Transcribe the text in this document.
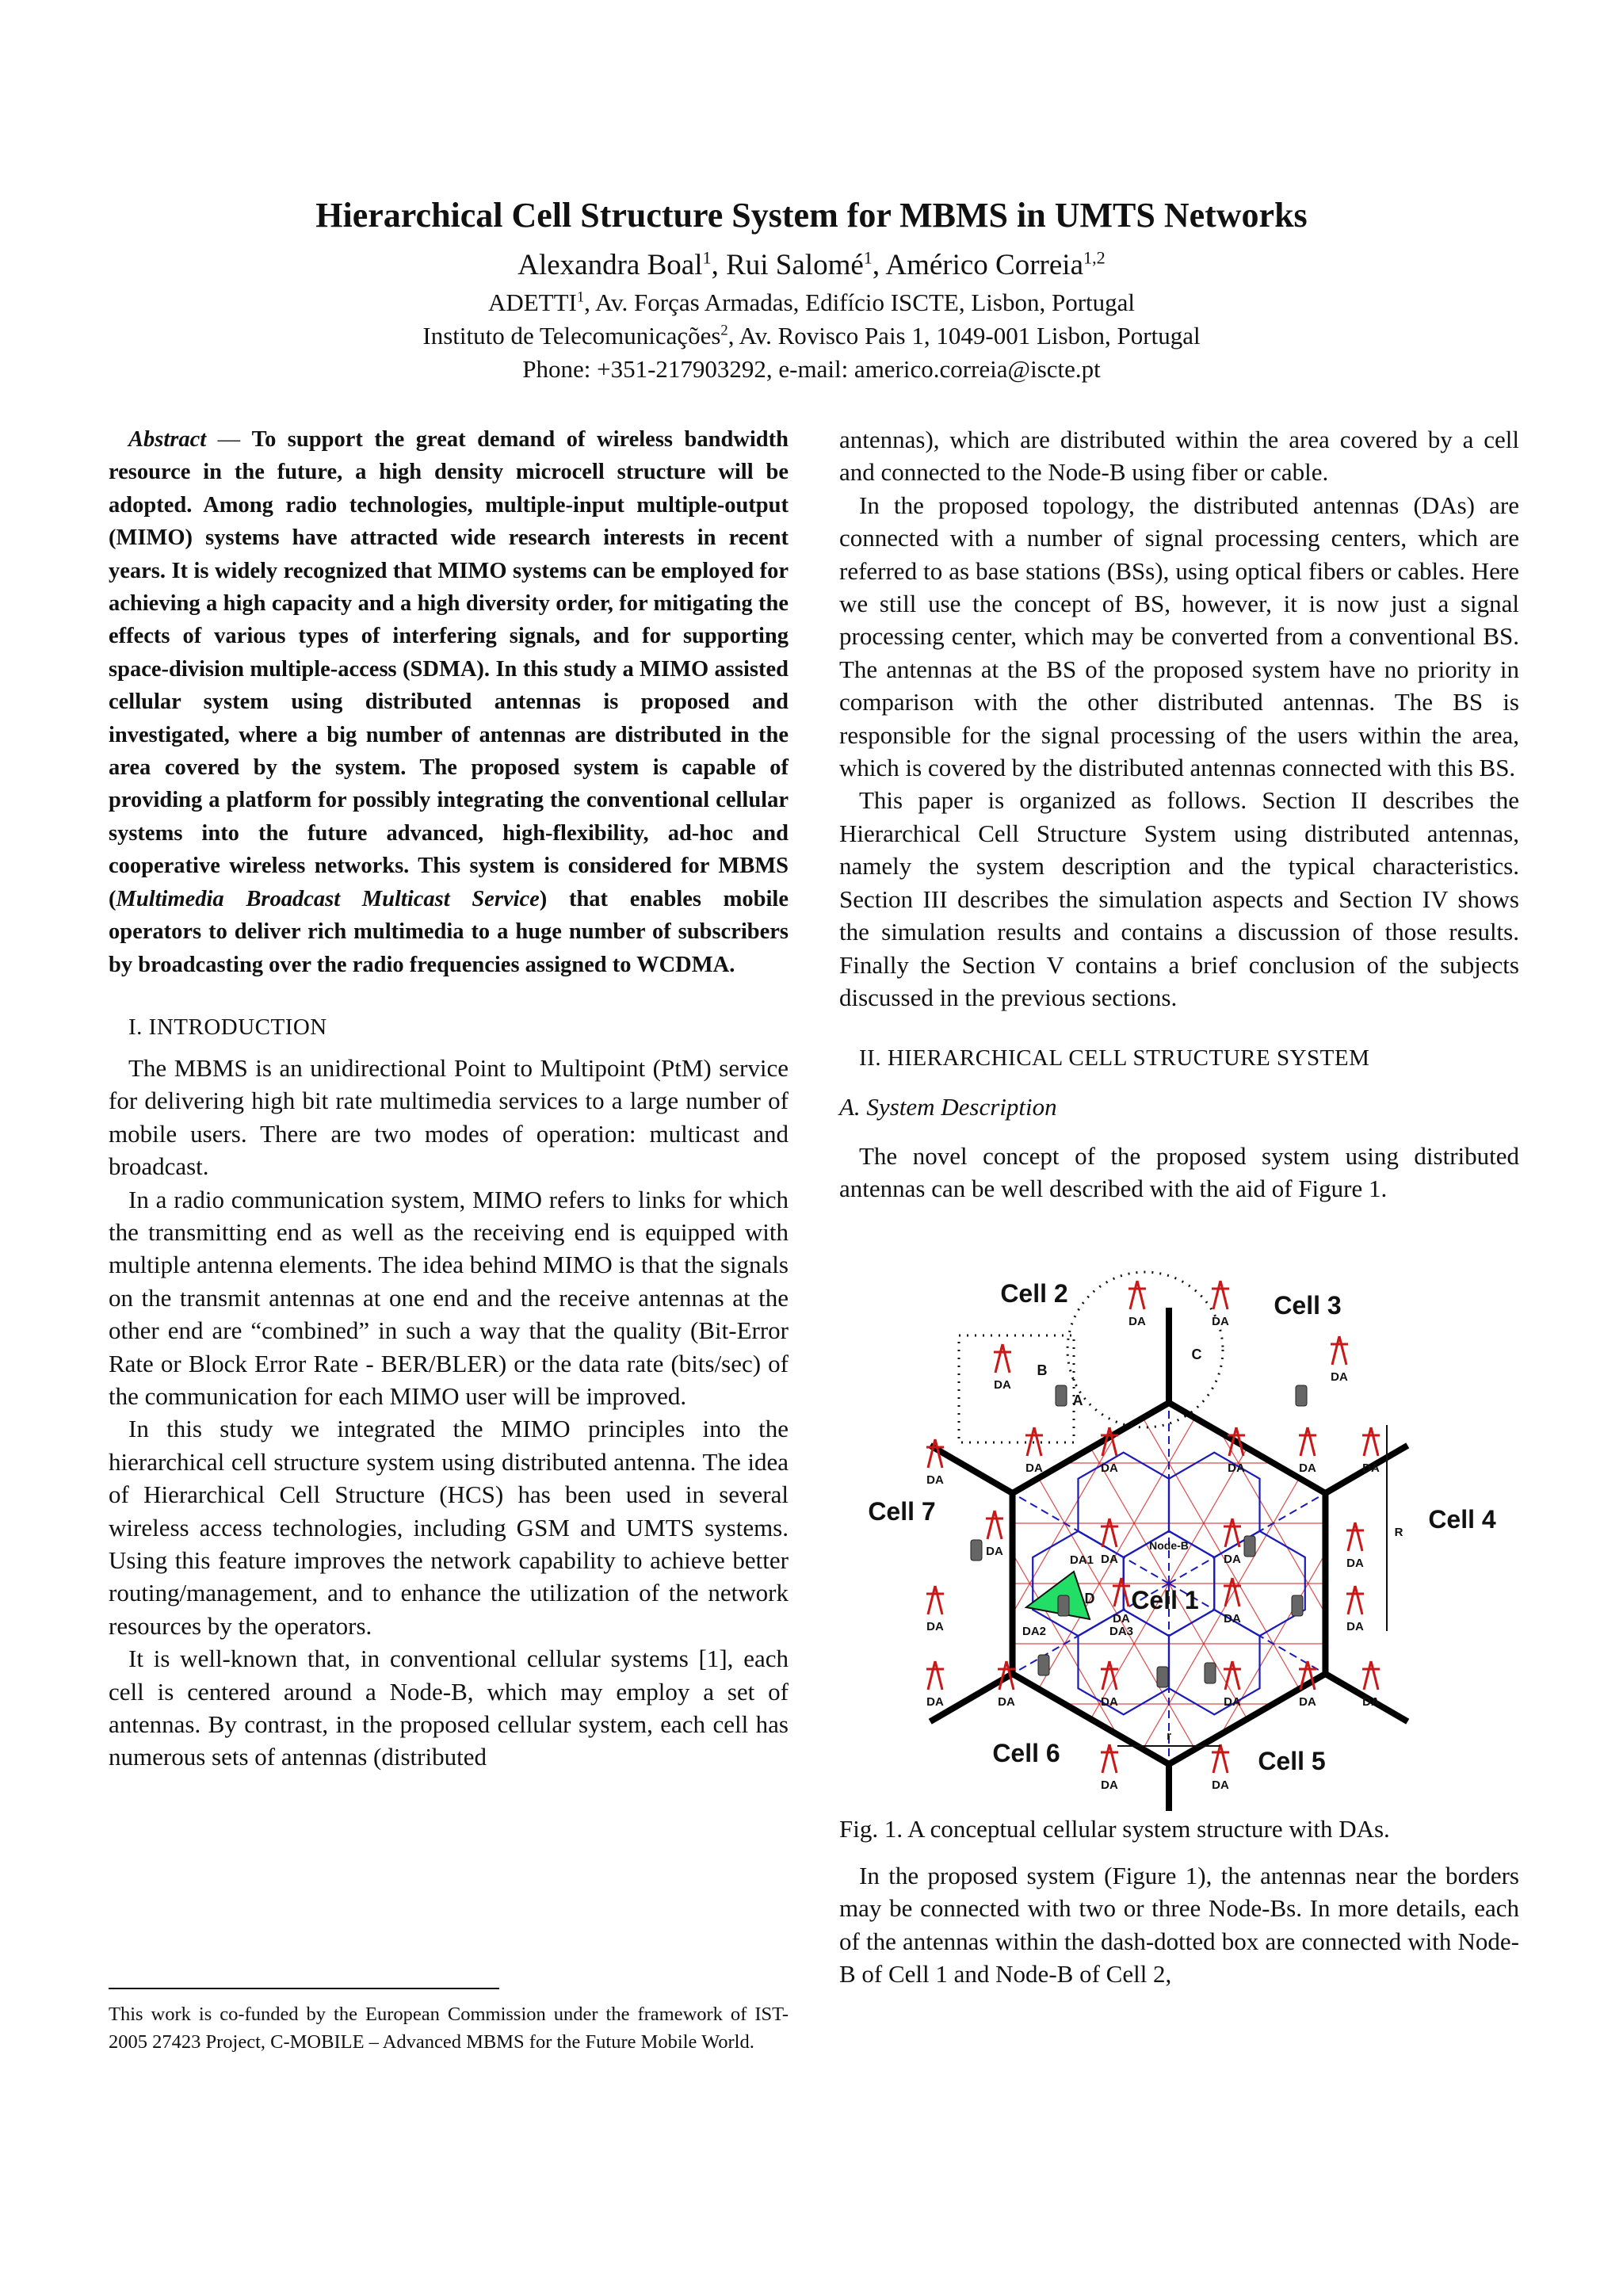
Hierarchical Cell Structure System for MBMS in UMTS Networks
Alexandra Boal$^1$, Rui Salomé$^1$, Américo Correia$^{1,2}$
ADETTI$^1$, Av. Forças Armadas, Edifício ISCTE, Lisbon, Portugal
Instituto de Telecomunicações$^2$, Av. Rovisco Pais 1, 1049-001 Lisbon, Portugal
Phone: +351-217903292, e-mail: americo.correia@iscte.pt

Abstract — To support the great demand of wireless bandwidth resource in the future, a high density microcell structure will be adopted. Among radio technologies, multiple-input multiple-output (MIMO) systems have attracted wide research interests in recent years. It is widely recognized that MIMO systems can be employed for achieving a high capacity and a high diversity order, for mitigating the effects of various types of interfering signals, and for supporting space-division multiple-access (SDMA). In this study a MIMO assisted cellular system using distributed antennas is proposed and investigated, where a big number of antennas are distributed in the area covered by the system. The proposed system is capable of providing a platform for possibly integrating the conventional cellular systems into the future advanced, high-flexibility, ad-hoc and cooperative wireless networks. This system is considered for MBMS (Multimedia Broadcast Multicast Service) that enables mobile operators to deliver rich multimedia to a huge number of subscribers by broadcasting over the radio frequencies assigned to WCDMA.

I. INTRODUCTION

The MBMS is an unidirectional Point to Multipoint (PtM) service for delivering high bit rate multimedia services to a large number of mobile users. There are two modes of operation: multicast and broadcast.

In a radio communication system, MIMO refers to links for which the transmitting end as well as the receiving end is equipped with multiple antenna elements. The idea behind MIMO is that the signals on the transmit antennas at one end and the receive antennas at the other end are “combined” in such a way that the quality (Bit-Error Rate or Block Error Rate - BER/BLER) or the data rate (bits/sec) of the communication for each MIMO user will be improved.

In this study we integrated the MIMO principles into the hierarchical cell structure system using distributed antenna. The idea of Hierarchical Cell Structure (HCS) has been used in several wireless access technologies, including GSM and UMTS systems. Using this feature improves the network capability to achieve better routing/management, and to enhance the utilization of the network resources by the operators.

It is well-known that, in conventional cellular systems [1], each cell is centered around a Node-B, which may employ a set of antennas. By contrast, in the proposed cellular system, each cell has numerous sets of antennas (distributed

antennas), which are distributed within the area covered by a cell and connected to the Node-B using fiber or cable.

In the proposed topology, the distributed antennas (DAs) are connected with a number of signal processing centers, which are referred to as base stations (BSs), using optical fibers or cables. Here we still use the concept of BS, however, it is now just a signal processing center, which may be converted from a conventional BS. The antennas at the BS of the proposed system have no priority in comparison with the other distributed antennas. The BS is responsible for the signal processing of the users within the area, which is covered by the distributed antennas connected with this BS.

This paper is organized as follows. Section II describes the Hierarchical Cell Structure System using distributed antennas, namely the system description and the typical characteristics. Section III describes the simulation aspects and Section IV shows the simulation results and contains a discussion of those results. Finally the Section V contains a brief conclusion of the subjects discussed in the previous sections.

II. HIERARCHICAL CELL STRUCTURE SYSTEM

A. System Description

The novel concept of the proposed system using distributed antennas can be well described with the aid of Figure 1.

DA
DA	DA
DA
DA
DA	DA	DA	DA	DA
DA
DA	DA	DA
DA
DA	DA
DA
DA	DA	DA	DA	DA	DA
DA	DA
Cell 2	Cell 3
Cell 4
Cell 5
Cell 6
Cell 7
Cell 1
Node-B
DA1
DA2	DA3
A
B
C
D
R
r

Fig. 1. A conceptual cellular system structure with DAs.

In the proposed system (Figure 1), the antennas near the borders may be connected with two or three Node-Bs. In more details, each of the antennas within the dash-dotted box are connected with Node-B of Cell 1 and Node-B of Cell 2,

This work is co-funded by the European Commission under the framework of IST-2005 27423 Project, C-MOBILE – Advanced MBMS for the Future Mobile World.
